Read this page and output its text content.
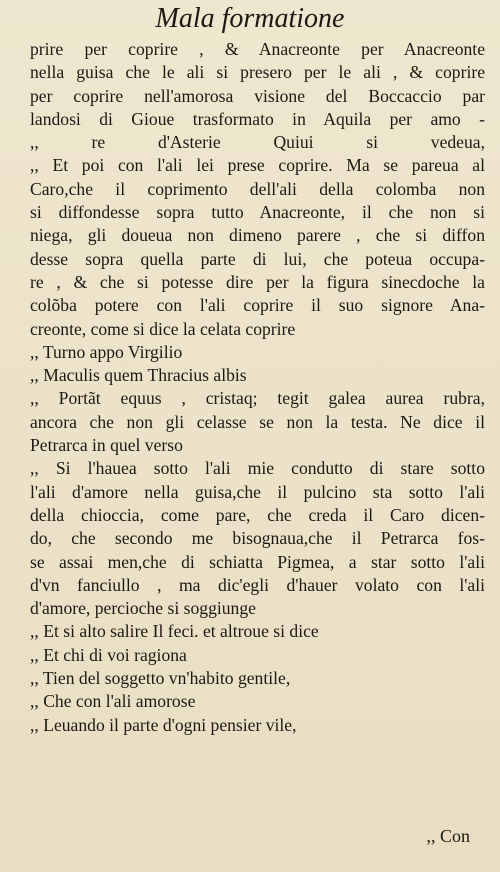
Mala formatione
prire per coprire , & Anacreonte per Anacreonte
nella guisa che le ali si presero per le ali , & coprire
per coprire nell'amorosa visione del Boccaccio par
landosi di Gioue trasformato in Aquila per amo -
,, re d'Asterie Quiui si vedeua,
,, Et poi con l'ali lei prese coprire. Ma se pareua al
Caro,che il coprimento dell'ali della colomba non
si diffondesse sopra tutto Anacreonte, il che non si
niega, gli doueua non dimeno parere , che si diffon
desse sopra quella parte di lui, che poteua occupa-
re , & che si potesse dire per la figura sinecdoche la
colõba potere con l'ali coprire il suo signore Ana-
creonte, come si dice la celata coprire
,, Turno appo Virgilio
,, Maculis quem Thracius albis
,, Portãt equus , cristaq; tegit galea aurea rubra,
ancora che non gli celasse se non la testa. Ne dice il
Petrarca in quel verso
,, Si l'hauea sotto l'ali mie condutto di stare sotto
l'ali d'amore nella guisa,che il pulcino sta sotto l'ali
della chioccia, come pare, che creda il Caro dicen-
do, che secondo me bisognaua,che il Petrarca fos-
se assai men,che di schiatta Pigmea, a star sotto l'ali
d'vn fanciullo , ma dic'egli d'hauer volato con l'ali
d'amore, percioche si soggiunge
,, Et si alto salire Il feci. et altroue si dice
,, Et chi di voi ragiona
,, Tien del soggetto vn'habito gentile,
,, Che con l'ali amorose
,, Leuando il parte d'ogni pensier vile,
,, Con
